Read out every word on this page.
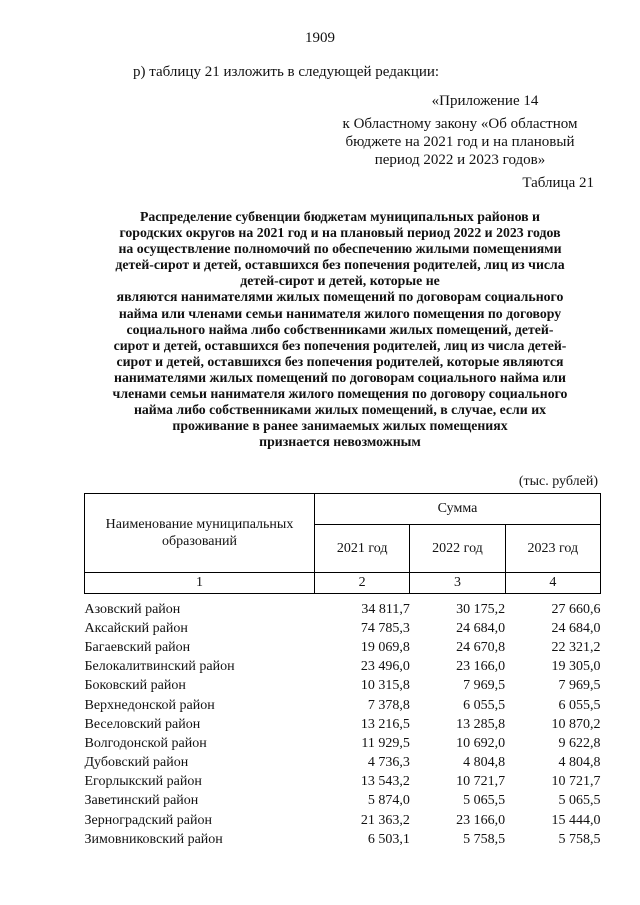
1909
р) таблицу 21 изложить в следующей редакции:
«Приложение 14
к Областному закону «Об областном
бюджете на 2021 год и на плановый
период 2022 и 2023 годов»
Таблица 21
Распределение субвенции бюджетам муниципальных районов и
городских округов на 2021 год и на плановый период 2022 и 2023 годов
на осуществление полномочий по обеспечению жилыми помещениями
детей-сирот и детей, оставшихся без попечения родителей, лиц из числа
детей-сирот и детей, которые не
являются нанимателями жилых помещений по договорам социального
найма или членами семьи нанимателя жилого помещения по договору
социального найма либо собственниками жилых помещений, детей-
сирот и детей, оставшихся без попечения родителей, лиц из числа детей-
сирот и детей, оставшихся без попечения родителей, которые являются
нанимателями жилых помещений по договорам социального найма или
членами семьи нанимателя жилого помещения по договору социального
найма либо собственниками жилых помещений, в случае, если их
проживание в ранее занимаемых жилых помещениях
признается невозможным
(тыс. рублей)
Наименование муниципальных
образований	Сумма		
	2021 год	2022 год	2023 год
1	2	3	4

Азовский район	34 811,7	30 175,2	27 660,6
Аксайский район	74 785,3	24 684,0	24 684,0
Багаевский район	19 069,8	24 670,8	22 321,2
Белокалитвинский район	23 496,0	23 166,0	19 305,0
Боковский район	10 315,8	7 969,5	7 969,5
Верхнедонской район	7 378,8	6 055,5	6 055,5
Веселовский район	13 216,5	13 285,8	10 870,2
Волгодонской район	11 929,5	10 692,0	9 622,8
Дубовский район	4 736,3	4 804,8	4 804,8
Егорлыкский район	13 543,2	10 721,7	10 721,7
Заветинский район	5 874,0	5 065,5	5 065,5
Зерноградский район	21 363,2	23 166,0	15 444,0
Зимовниковский район	6 503,1	5 758,5	5 758,5
